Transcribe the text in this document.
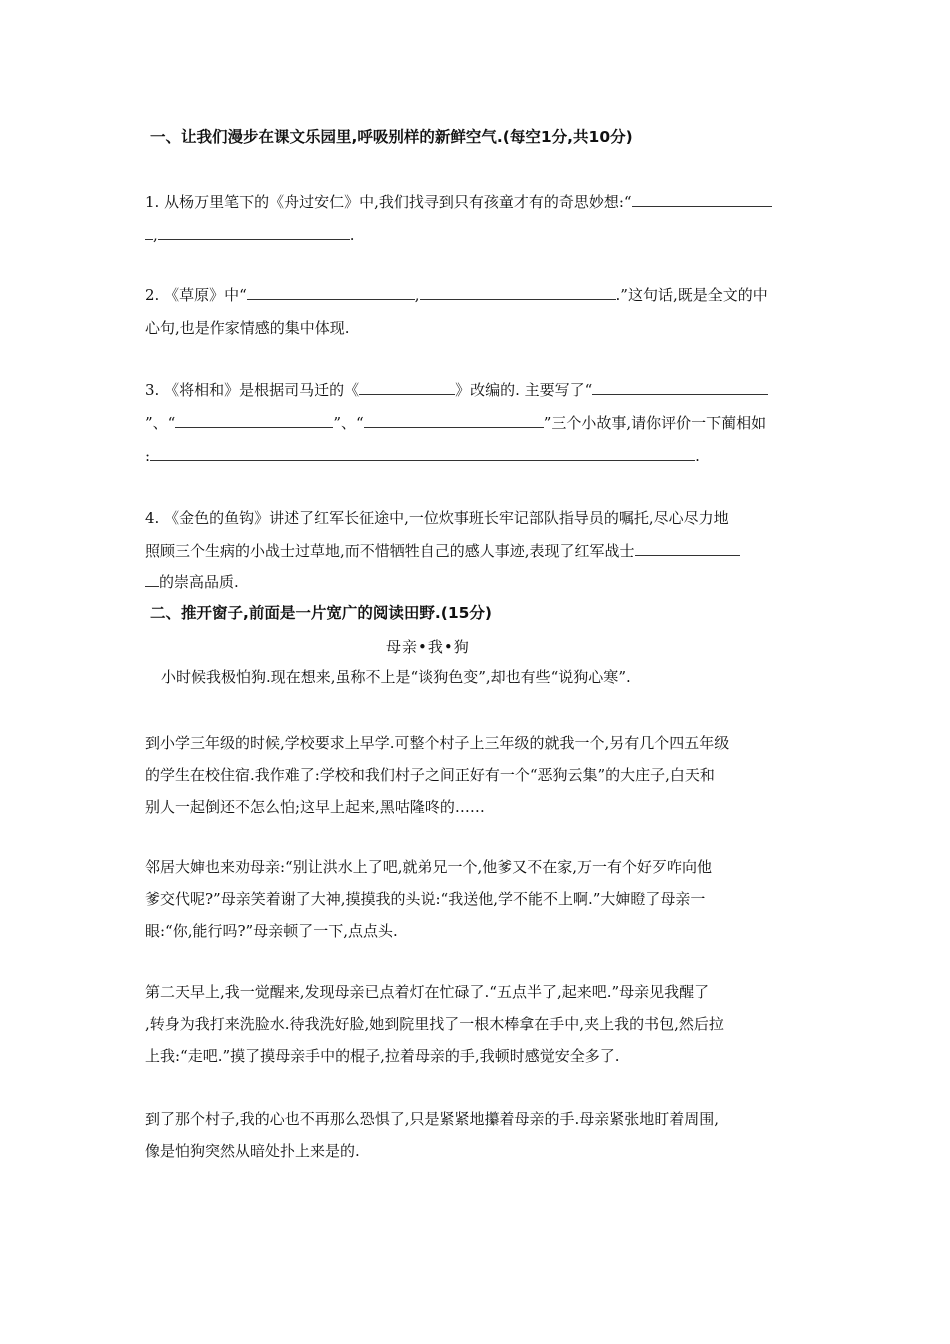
一、让我们漫步在课文乐园里,呼吸别样的新鲜空气.(每空1分,共10分)
1. 从杨万里笔下的《舟过安仁》中,我们找寻到只有孩童才有的奇思妙想:“
,	.
2. 《草原》中“	,	.”这句话,既是全文的中
心句,也是作家情感的集中体现.
3. 《将相和》是根据司马迁的《	》改编的. 主要写了“
”、“	”、“	”三个小故事,请你评价一下蔺相如
:	.
4. 《金色的鱼钩》讲述了红军长征途中,一位炊事班长牢记部队指导员的嘱托,尽心尽力地
照顾三个生病的小战士过草地,而不惜牺牲自己的感人事迹,表现了红军战士
的崇高品质.
二、推开窗子,前面是一片宽广的阅读田野.(15分)
母亲•我•狗
小时候我极怕狗.现在想来,虽称不上是“谈狗色变”,却也有些“说狗心寒”.
到小学三年级的时候,学校要求上早学.可整个村子上三年级的就我一个,另有几个四五年级
的学生在校住宿.我作难了:学校和我们村子之间正好有一个“恶狗云集”的大庄子,白天和
别人一起倒还不怎么怕;这早上起来,黑咕隆咚的……
邻居大婶也来劝母亲:“别让洪水上了吧,就弟兄一个,他爹又不在家,万一有个好歹咋向他
爹交代呢?”母亲笑着谢了大神,摸摸我的头说:“我送他,学不能不上啊.”大婶瞪了母亲一
眼:“你,能行吗?”母亲顿了一下,点点头.
第二天早上,我一觉醒来,发现母亲已点着灯在忙碌了.“五点半了,起来吧.”母亲见我醒了
,转身为我打来洗脸水.待我洗好脸,她到院里找了一根木棒拿在手中,夹上我的书包,然后拉
上我:“走吧.”摸了摸母亲手中的棍子,拉着母亲的手,我顿时感觉安全多了.
到了那个村子,我的心也不再那么恐惧了,只是紧紧地攥着母亲的手.母亲紧张地盯着周围,
像是怕狗突然从暗处扑上来是的.
